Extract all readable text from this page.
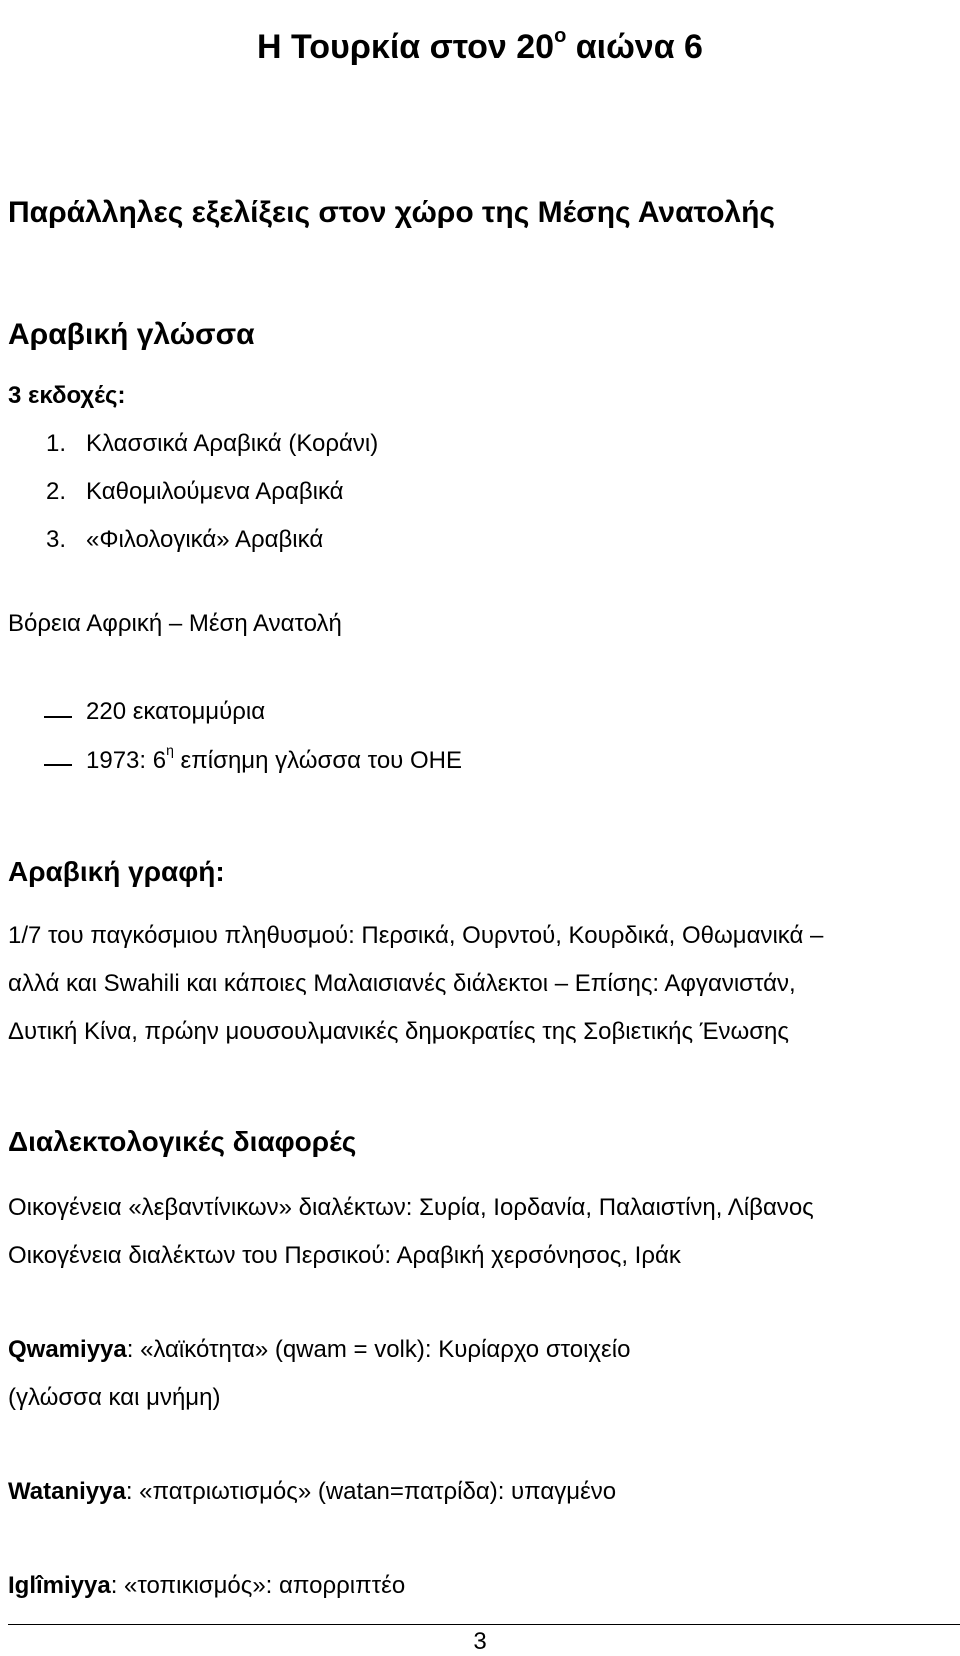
Η Τουρκία στον $20^o$ αιώνα 6
Παράλληλες εξελίξεις στον χώρο της Μέσης Ανατολής
Αραβική γλώσσα
3 εκδοχές:
1. Κλασσικά Αραβικά (Κοράνι)
2. Καθομιλούμενα Αραβικά
3. «Φιλολογικά» Αραβικά
Βόρεια Αφρική – Μέση Ανατολή
220 εκατομμύρια
1973: $6^\eta$ επίσημη γλώσσα του ΟΗΕ
Αραβική γραφή:
1/7 του παγκόσμιου πληθυσμού: Περσικά, Ουρντού, Κουρδικά, Οθωμανικά –
αλλά και Swahili και κάποιες Μαλαισιανές διάλεκτοι – Επίσης: Αφγανιστάν,
Δυτική Κίνα, πρώην μουσουλμανικές δημοκρατίες της Σοβιετικής Ένωσης
Διαλεκτολογικές διαφορές
Οικογένεια «λεβαντίνικων» διαλέκτων: Συρία, Ιορδανία, Παλαιστίνη, Λίβανος
Οικογένεια διαλέκτων του Περσικού: Αραβική χερσόνησος, Ιράκ
Qwamiyya: «λαϊκότητα» (qwam = volk): Κυρίαρχο στοιχείο
(γλώσσα και μνήμη)
Wataniyya: «πατριωτισμός» (watan=πατρίδα): υπαγμένο
Iglîmiyya: «τοπικισμός»: απορριπτέο
3
